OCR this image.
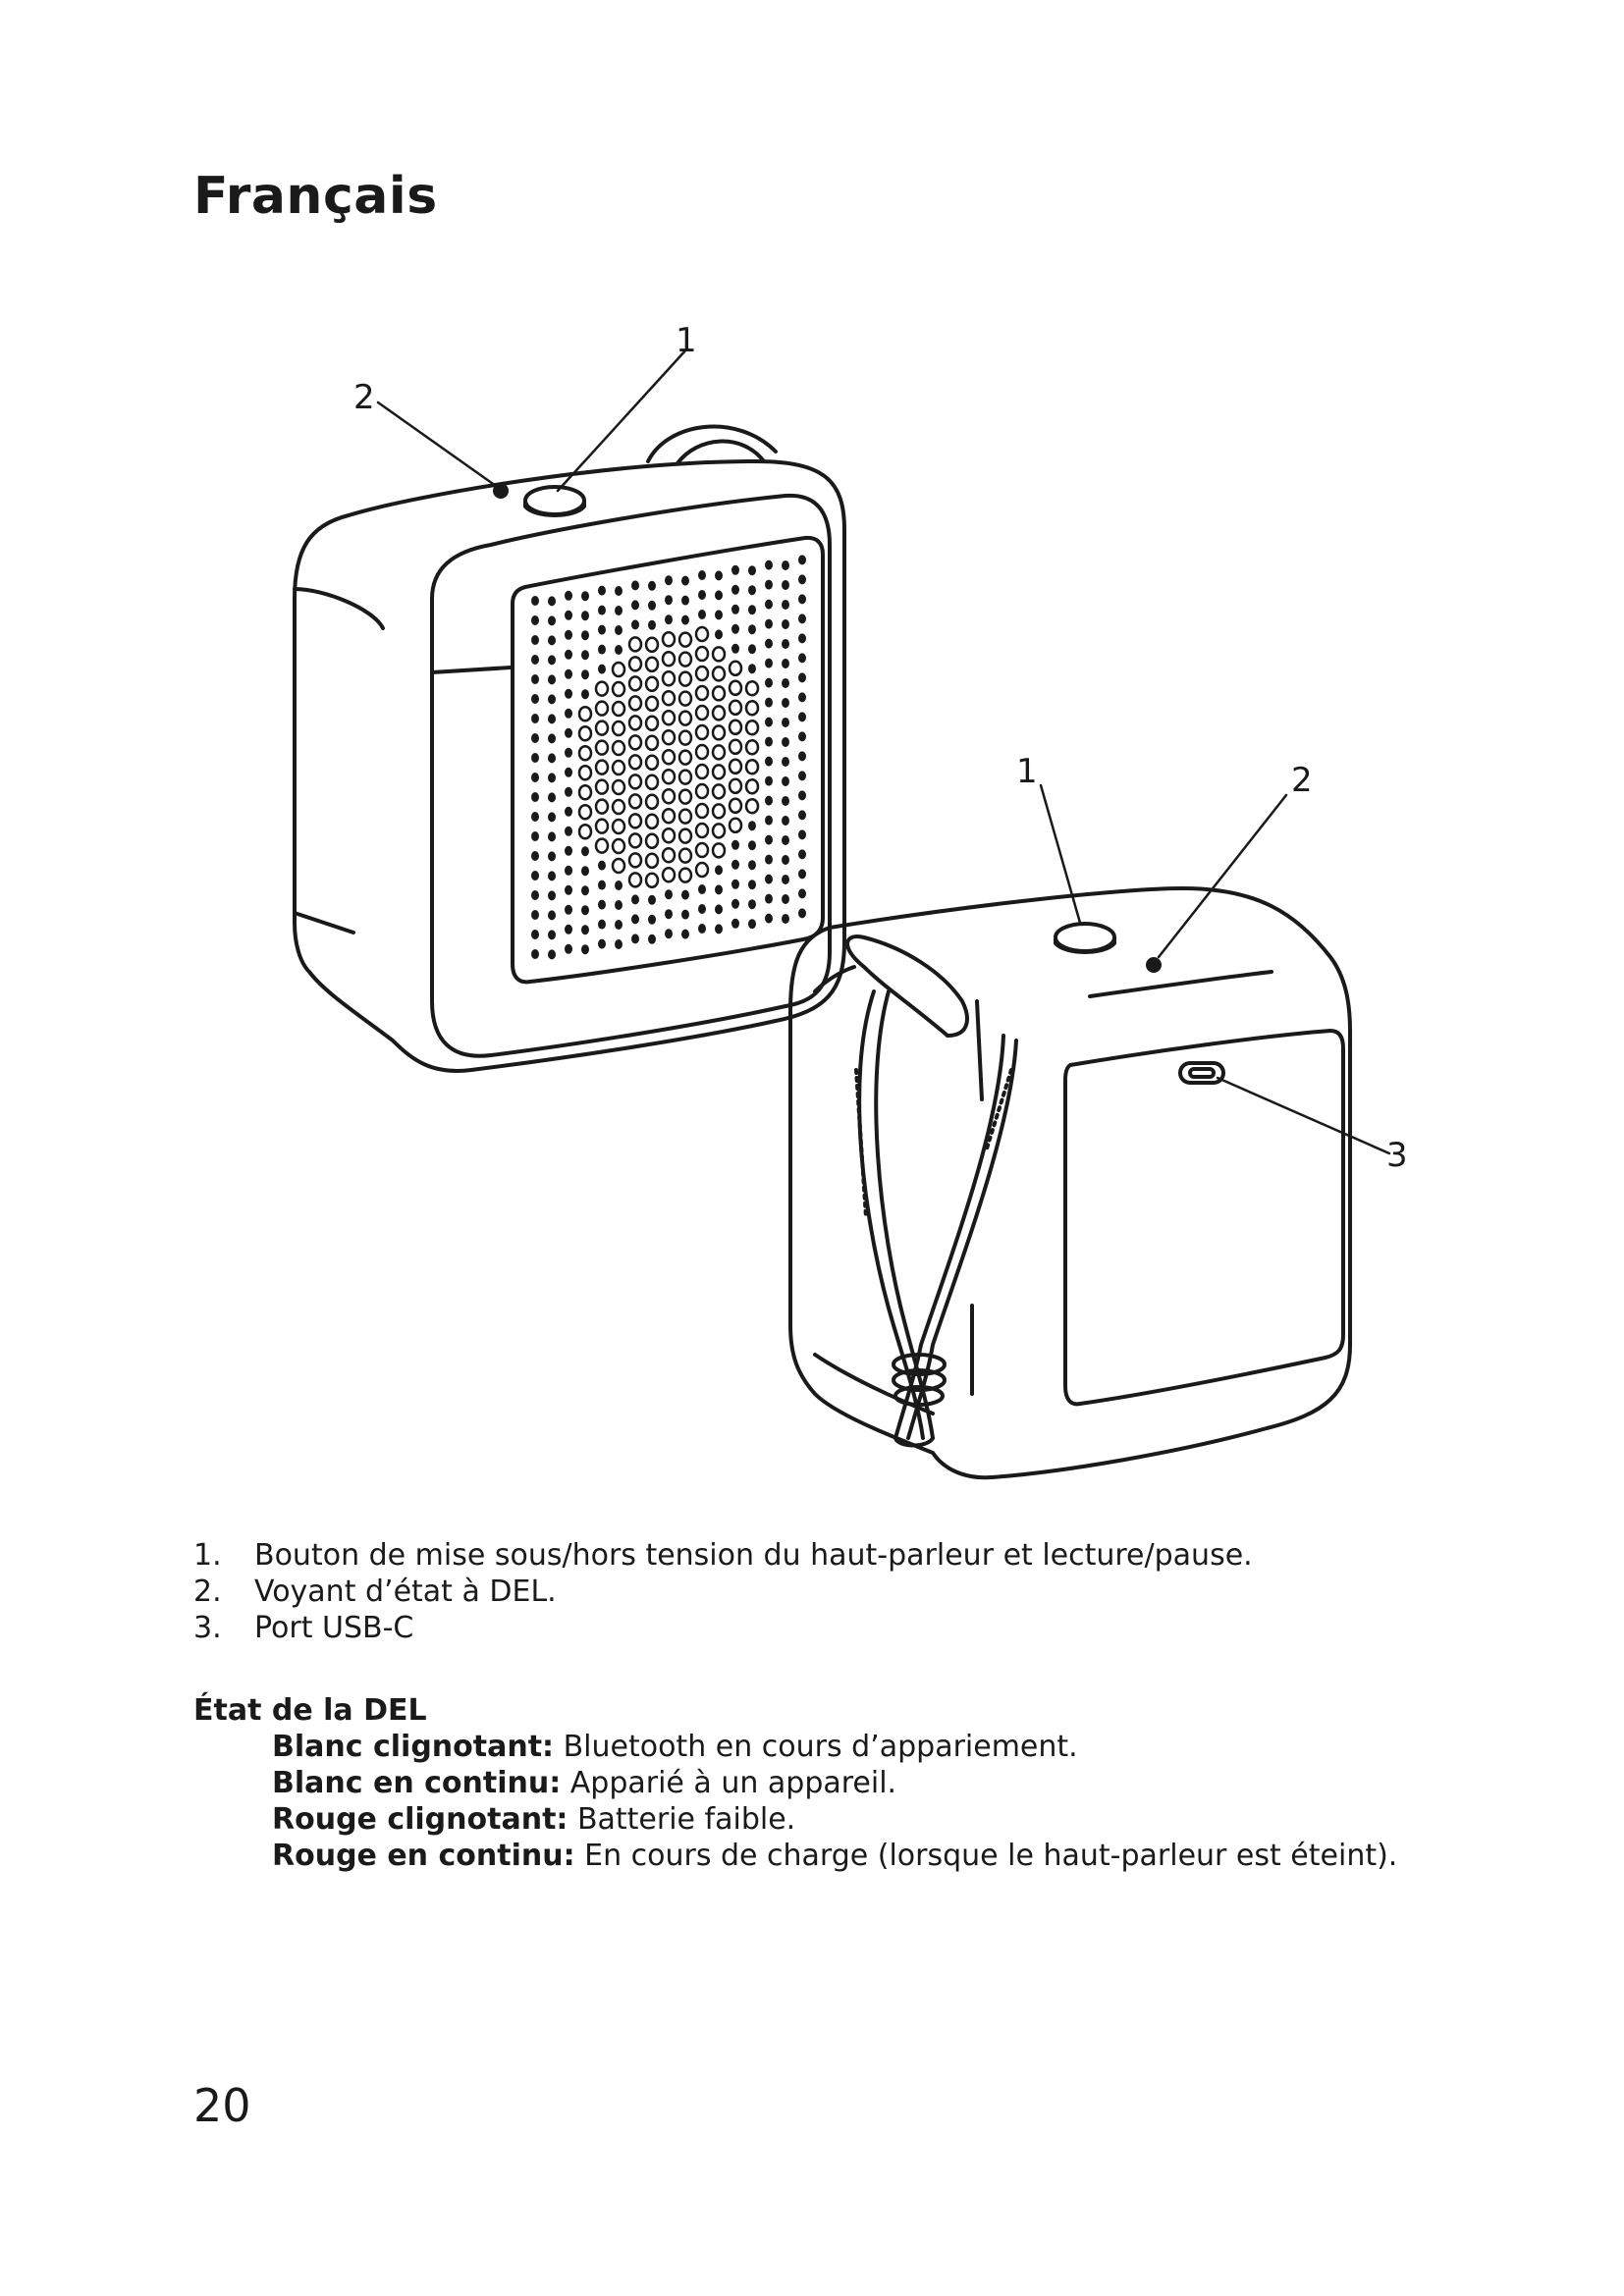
Français
1
2
1	2
3
1.	Bouton de mise sous/hors tension du haut-parleur et lecture/pause.
2.	Voyant d’état à DEL.
3.	Port USB-C

État de la DEL

Blanc clignotant: Bluetooth en cours d’appariement.
Blanc en continu: Apparié à un appareil.
Rouge clignotant: Batterie faible.
Rouge en continu: En cours de charge (lorsque le haut-parleur est éteint).

20
